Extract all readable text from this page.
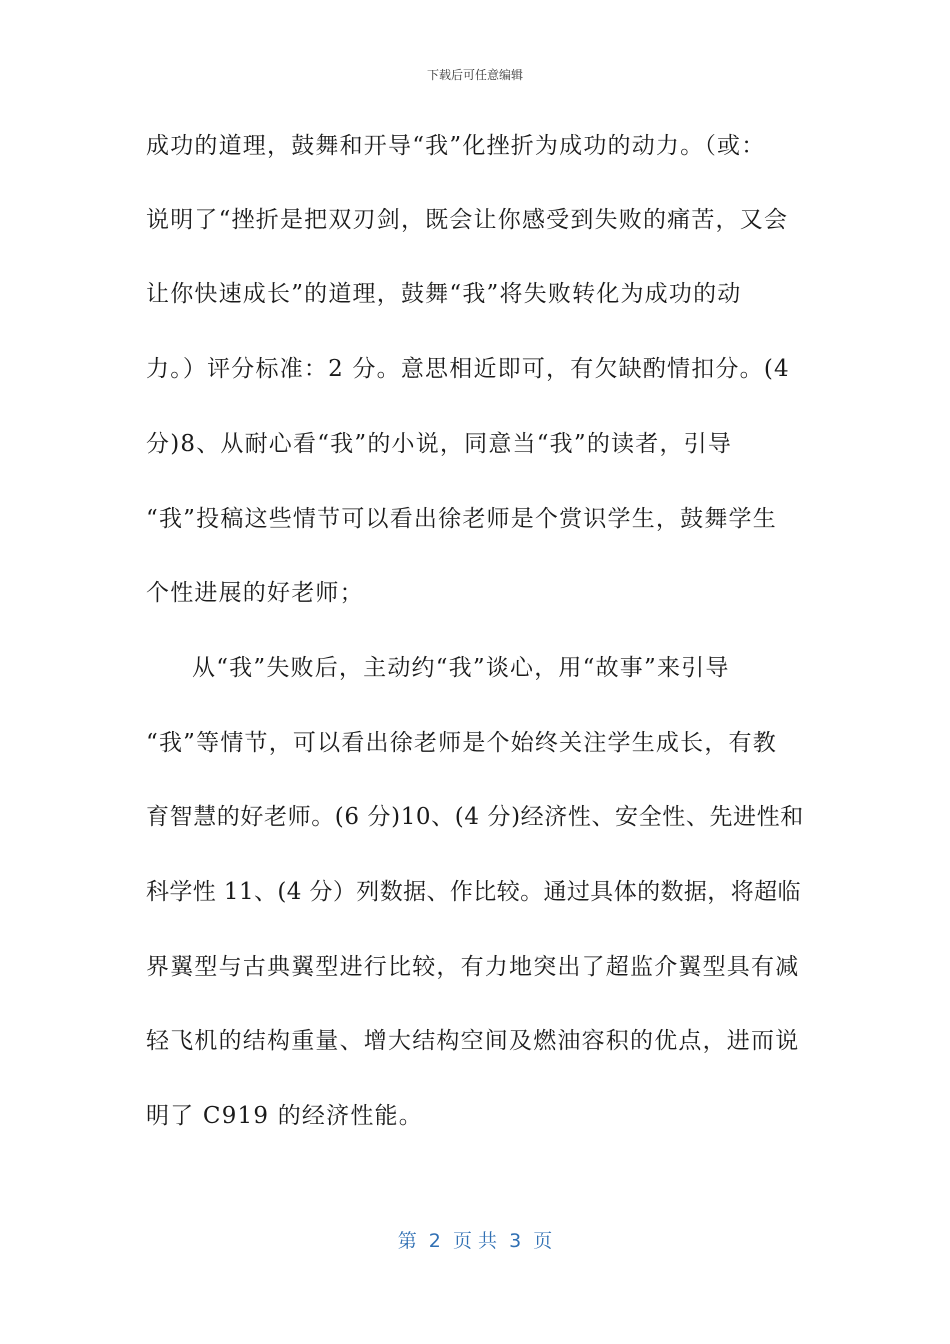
下载后可任意编辑
成功的道理，鼓舞和开导“我”化挫折为成功的动力。（或：
说明了“挫折是把双刃剑，既会让你感受到失败的痛苦，又会
让你快速成长”的道理，鼓舞“我”将失败转化为成功的动
力。）评分标准：2 分。意思相近即可，有欠缺酌情扣分。(4
分)8、从耐心看“我”的小说，同意当“我”的读者，引导
“我”投稿这些情节可以看出徐老师是个赏识学生，鼓舞学生
个性进展的好老师；
从“我”失败后，主动约“我”谈心，用“故事”来引导
“我”等情节，可以看出徐老师是个始终关注学生成长，有教
育智慧的好老师。(6 分)10、(4 分)经济性、安全性、先进性和
科学性 11、(4 分）列数据、作比较。通过具体的数据，将超临
界翼型与古典翼型进行比较，有力地突出了超监介翼型具有减
轻飞机的结构重量、增大结构空间及燃油容积的优点，进而说
明了 C919 的经济性能。
第  2  页 共  3  页
